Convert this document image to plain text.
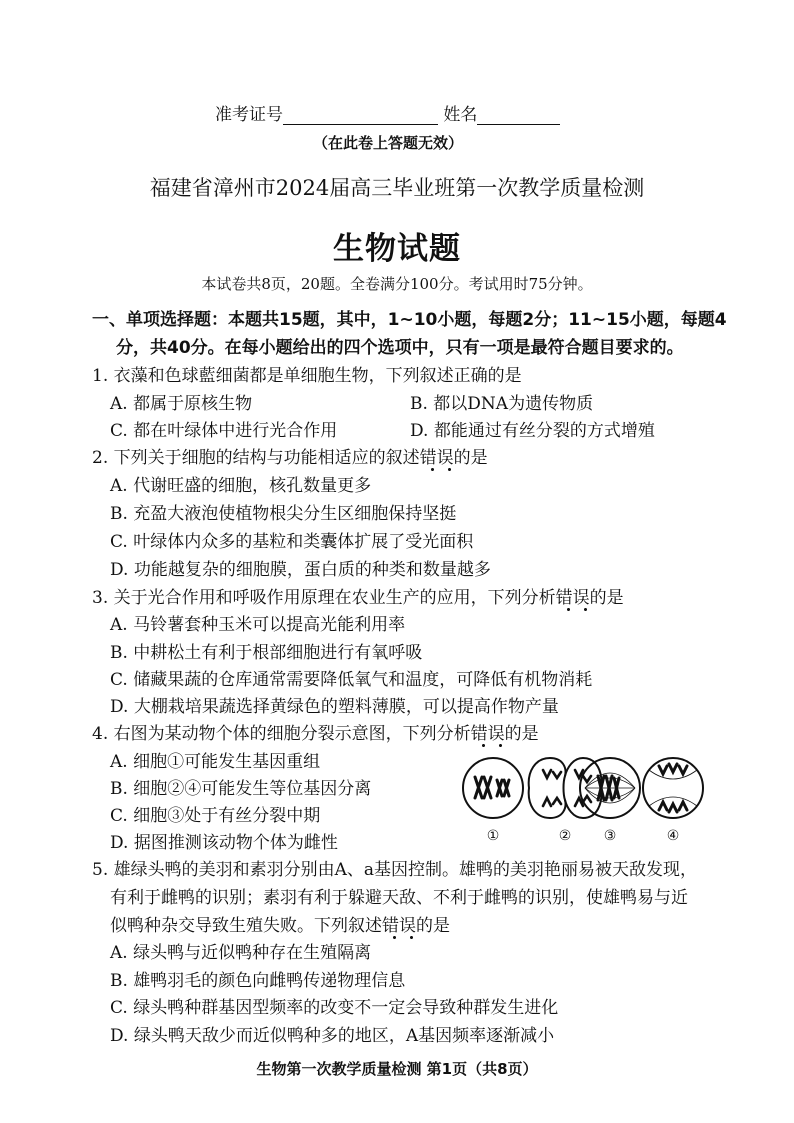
准考证号	姓名
（在此卷上答题无效）
福建省漳州市2024届高三毕业班第一次教学质量检测
生物试题
本试卷共8页，20题。全卷满分100分。考试用时75分钟。
一、单项选择题：本题共15题，其中，1~10小题，每题2分；11~15小题，每题4
分，共40分。在每小题给出的四个选项中，只有一项是最符合题目要求的。
1. 衣藻和色球藍细菌都是单细胞生物，下列叙述正确的是
A. 都属于原核生物	B. 都以DNA为遗传物质
C. 都在叶绿体中进行光合作用	D. 都能通过有丝分裂的方式增殖
2. 下列关于细胞的结构与功能相适应的叙述错误的是
A. 代谢旺盛的细胞，核孔数量更多
B. 充盈大液泡使植物根尖分生区细胞保持坚挺
C. 叶绿体内众多的基粒和类囊体扩展了受光面积
D. 功能越复杂的细胞膜，蛋白质的种类和数量越多
3. 关于光合作用和呼吸作用原理在农业生产的应用，下列分析错误的是
A. 马铃薯套种玉米可以提高光能利用率
B. 中耕松土有利于根部细胞进行有氧呼吸
C. 储藏果蔬的仓库通常需要降低氧气和温度，可降低有机物消耗
D. 大棚栽培果蔬选择黄绿色的塑料薄膜，可以提高作物产量
4. 右图为某动物个体的细胞分裂示意图，下列分析错误的是
A. 细胞①可能发生基因重组
B. 细胞②④可能发生等位基因分离
C. 细胞③处于有丝分裂中期
D. 据图推测该动物个体为雌性	①	② ③	④
5. 雄绿头鸭的美羽和素羽分别由A、a基因控制。雄鸭的美羽艳丽易被天敌发现，
有利于雌鸭的识别；素羽有利于躲避天敌、不利于雌鸭的识别，使雄鸭易与近
似鸭种杂交导致生殖失败。下列叙述错误的是
A. 绿头鸭与近似鸭种存在生殖隔离
B. 雄鸭羽毛的颜色向雌鸭传递物理信息
C. 绿头鸭种群基因型频率的改变不一定会导致种群发生进化
D. 绿头鸭天敌少而近似鸭种多的地区，A基因频率逐渐减小
生物第一次教学质量检测 第1页（共8页）
